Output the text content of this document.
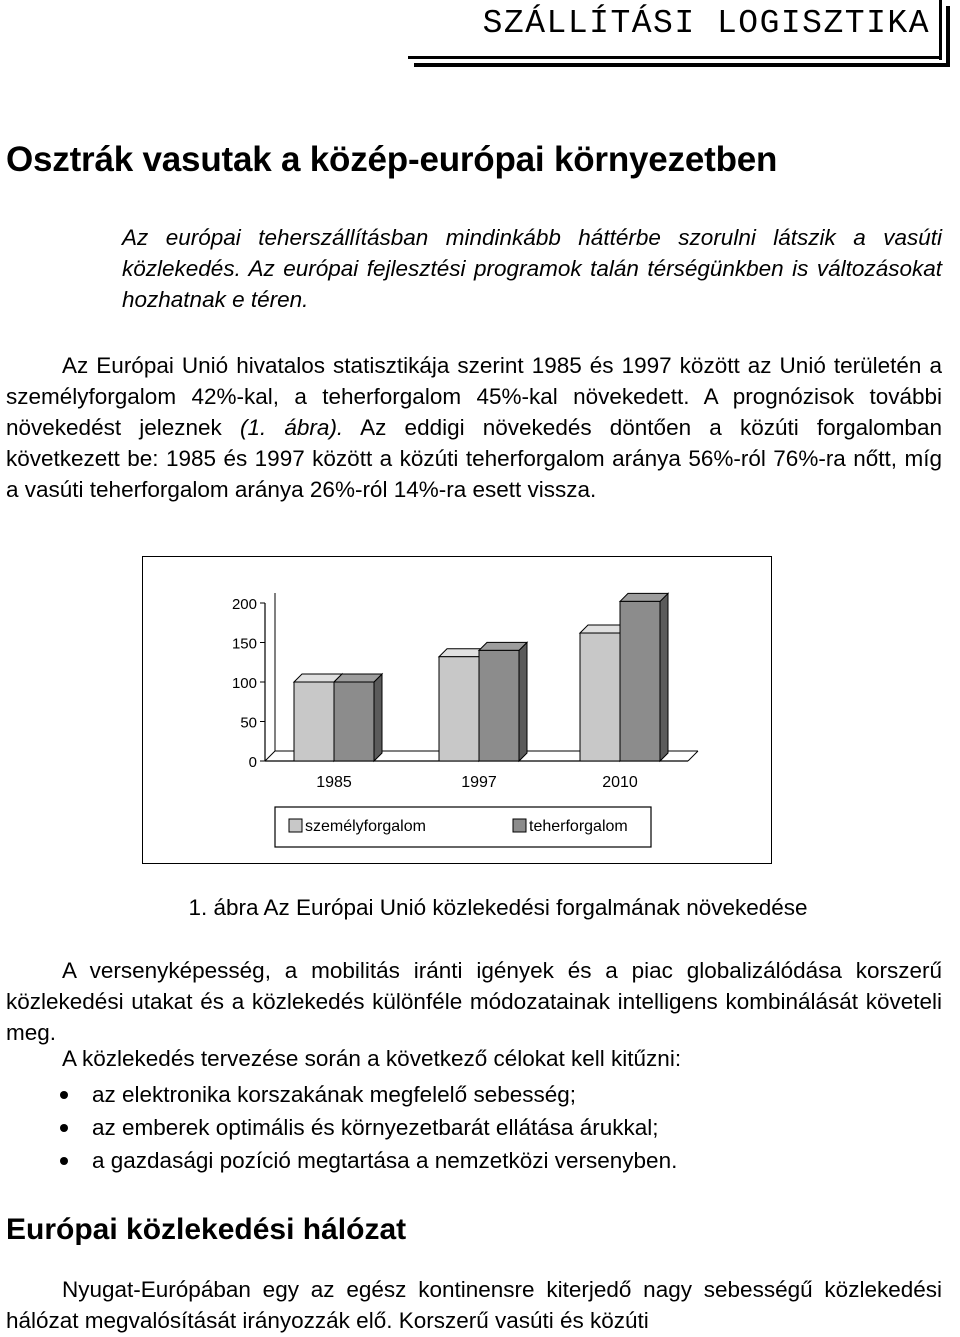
SZÁLLÍTÁSI LOGISZTIKA
Osztrák vasutak a közép-európai környezetben
Az európai teherszállításban mindinkább háttérbe szorulni látszik a vasúti közlekedés. Az európai fejlesztési programok talán térségünkben is változásokat hozhatnak e téren.
Az Európai Unió hivatalos statisztikája szerint 1985 és 1997 között az Unió területén a személyforgalom 42%-kal, a teherforgalom 45%-kal növekedett. A prognózisok további növekedést jeleznek (1. ábra). Az eddigi növekedés döntően a közúti forgalomban következett be: 1985 és 1997 között a közúti teherforgalom aránya 56%-ról 76%-ra nőtt, míg a vasúti teherforgalom aránya 26%-ról 14%-ra esett vissza.
0
50
100
150
200
1985	1997	2010
személyforgalom	teherforgalom
1. ábra Az Európai Unió közlekedési forgalmának növekedése
A versenyképesség, a mobilitás iránti igények és a piac globalizálódása korszerű közlekedési utakat és a közlekedés különféle módozatainak intelligens kombinálását követeli meg.
A közlekedés tervezése során a következő célokat kell kitűzni:
az elektronika korszakának megfelelő sebesség;
az emberek optimális és környezetbarát ellátása árukkal;
a gazdasági pozíció megtartása a nemzetközi versenyben.
Európai közlekedési hálózat
Nyugat-Európában egy az egész kontinensre kiterjedő nagy sebességű közlekedési hálózat megvalósítását irányozzák elő. Korszerű vasúti és közúti
